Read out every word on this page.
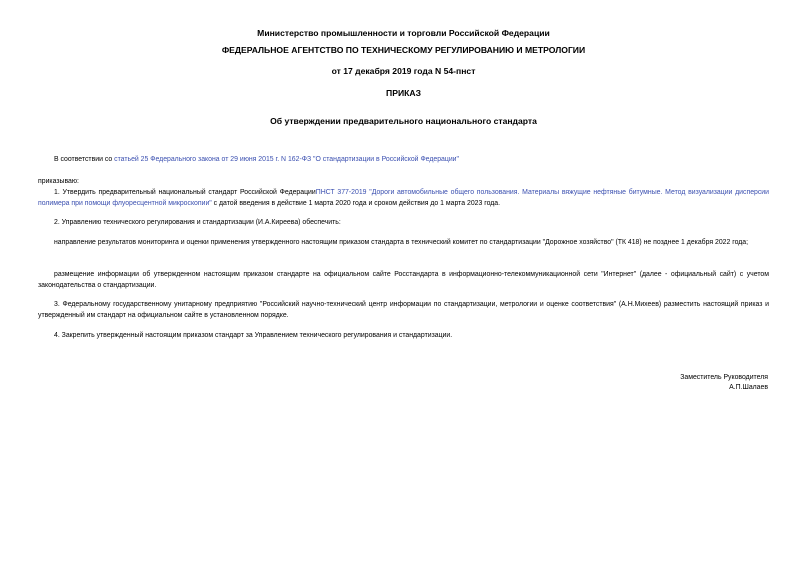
Министерство промышленности и торговли Российской Федерации
ФЕДЕРАЛЬНОЕ АГЕНТСТВО ПО ТЕХНИЧЕСКОМУ РЕГУЛИРОВАНИЮ И МЕТРОЛОГИИ
от 17 декабря 2019 года N 54-пнст
ПРИКАЗ
Об утверждении предварительного национального стандарта
В соответствии со статьей 25 Федерального закона от 29 июня 2015 г. N 162-ФЗ "О стандартизации в Российской Федерации"
приказываю:
1. Утвердить предварительный национальный стандарт Российской ФедерацииПНСТ 377-2019 "Дороги автомобильные общего пользования. Материалы вяжущие нефтяные битумные. Метод визуализации дисперсии полимера при помощи флуоресцентной микроскопии" с датой введения в действие 1 марта 2020 года и сроком действия до 1 марта 2023 года.
2. Управлению технического регулирования и стандартизации (И.А.Киреева) обеспечить:
направление результатов мониторинга и оценки применения утвержденного настоящим приказом стандарта в технический комитет по стандартизации "Дорожное хозяйство" (ТК 418) не позднее 1 декабря 2022 года;
размещение информации об утвержденном настоящим приказом стандарте на официальном сайте Росстандарта в информационно-телекоммуникационной сети "Интернет" (далее - официальный сайт) с учетом законодательства о стандартизации.
3. Федеральному государственному унитарному предприятию "Российский научно-технический центр информации по стандартизации, метрологии и оценке соответствия" (А.Н.Михеев) разместить настоящий приказ и утвержденный им стандарт на официальном сайте в установленном порядке.
4. Закрепить утвержденный настоящим приказом стандарт за Управлением технического регулирования и стандартизации.
Заместитель Руководителя
А.П.Шалаев
